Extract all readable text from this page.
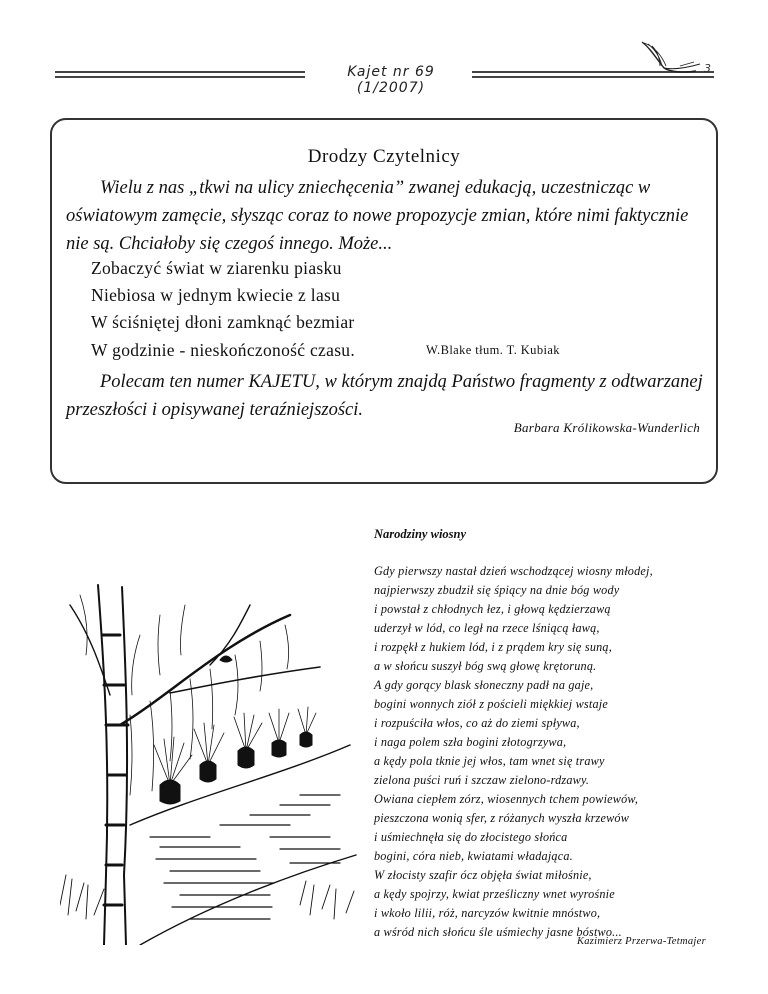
Kajet nr 69 (1/2007)
3
Drodzy Czytelnicy
Wielu z nas „tkwi na ulicy zniechęcenia” zwanej edukacją, uczestnicząc w oświatowym zamęcie, słysząc coraz to nowe propozycje zmian, które nimi faktycznie nie są. Chciałoby się czegoś innego. Może...
Zobaczyć świat w ziarenku piasku
Niebiosa w jednym kwiecie z lasu
W ściśniętej dłoni zamknąć bezmiar
W godzinie - nieskończoność czasu.	W.Blake tłum. T. Kubiak
Polecam ten numer KAJETU, w którym znajdą Państwo fragmenty z odtwarzanej przeszłości i opisywanej teraźniejszości.
Barbara Królikowska-Wunderlich
Narodziny wiosny
Gdy pierwszy nastał dzień wschodzącej wiosny młodej,
najpierwszy zbudził się śpiący na dnie bóg wody
i powstał z chłodnych łez, i głową kędzierzawą
uderzył w lód, co legł na rzece lśniącą ławą,
i rozpękł z hukiem lód, i z prądem kry się suną,
a w słońcu suszył bóg swą głowę krętoruną.
A gdy gorący blask słoneczny padł na gaje,
bogini wonnych ziół z pościeli miękkiej wstaje
i rozpuściła włos, co aż do ziemi spływa,
i naga polem szła bogini złotogrzywa,
a kędy pola tknie jej włos, tam wnet się trawy
zielona puści ruń i szczaw zielono-rdzawy.
Owiana ciepłem zórz, wiosennych tchem powiewów,
pieszczona wonią sfer, z różanych wyszła krzewów
i uśmiechnęła się do złocistego słońca
bogini, córa nieb, kwiatami władająca.
W złocisty szafir ócz objęła świat miłośnie,
a kędy spojrzy, kwiat prześliczny wnet wyrośnie
i wkoło lilii, róż, narcyzów kwitnie mnóstwo,
a wśród nich słońcu śle uśmiechy jasne bóstwo...
Kazimierz Przerwa-Tetmajer
